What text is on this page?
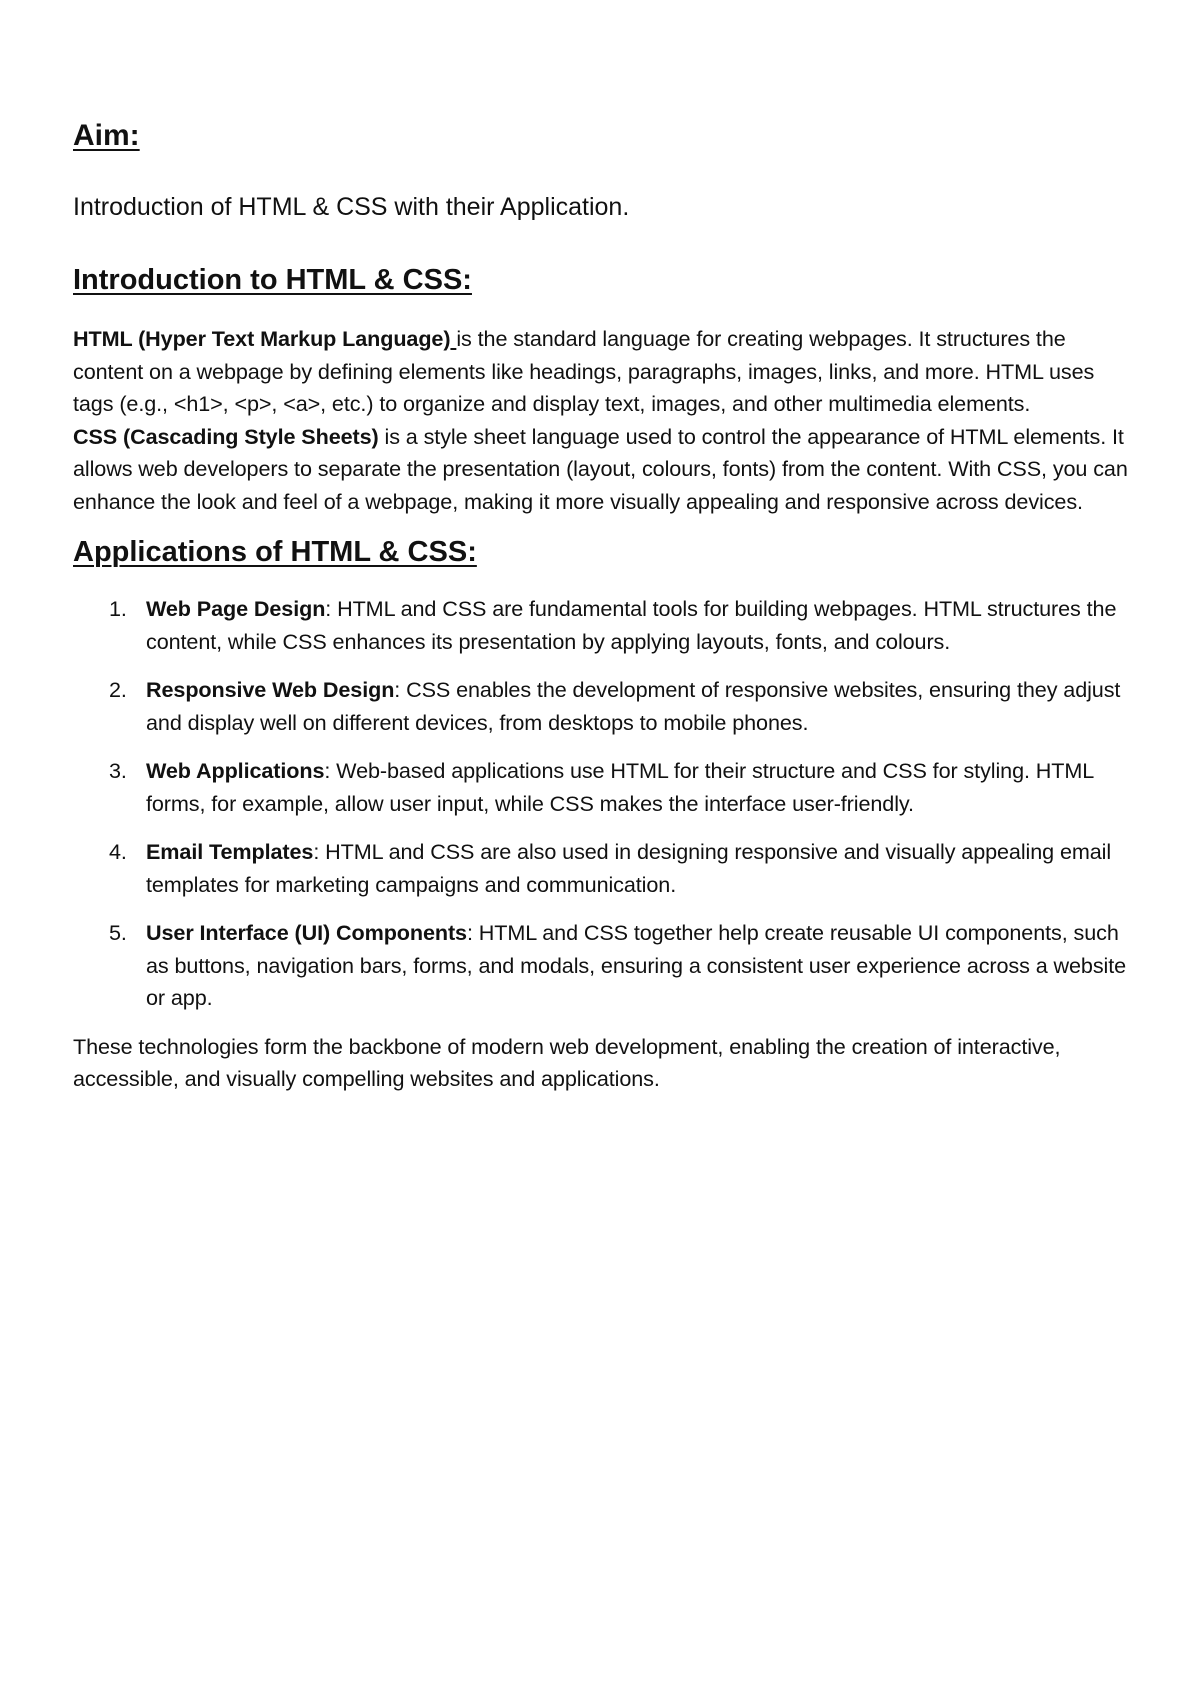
Aim:

Introduction of HTML & CSS with their Application.

Introduction to HTML & CSS:

HTML (Hyper Text Markup Language) is the standard language for creating webpages. It structures the content on a webpage by defining elements like headings, paragraphs, images, links, and more. HTML uses tags (e.g., <h1>, <p>, <a>, etc.) to organize and display text, images, and other multimedia elements.

CSS (Cascading Style Sheets) is a style sheet language used to control the appearance of HTML elements. It allows web developers to separate the presentation (layout, colours, fonts) from the content. With CSS, you can enhance the look and feel of a webpage, making it more visually appealing and responsive across devices.

Applications of HTML & CSS:
1. Web Page Design: HTML and CSS are fundamental tools for building webpages. HTML structures the content, while CSS enhances its presentation by applying layouts, fonts, and colours.
2. Responsive Web Design: CSS enables the development of responsive websites, ensuring they adjust and display well on different devices, from desktops to mobile phones.
3. Web Applications: Web-based applications use HTML for their structure and CSS for styling. HTML forms, for example, allow user input, while CSS makes the interface user-friendly.
4. Email Templates: HTML and CSS are also used in designing responsive and visually appealing email templates for marketing campaigns and communication.
5. User Interface (UI) Components: HTML and CSS together help create reusable UI components, such as buttons, navigation bars, forms, and modals, ensuring a consistent user experience across a website or app.

These technologies form the backbone of modern web development, enabling the creation of interactive, accessible, and visually compelling websites and applications.
